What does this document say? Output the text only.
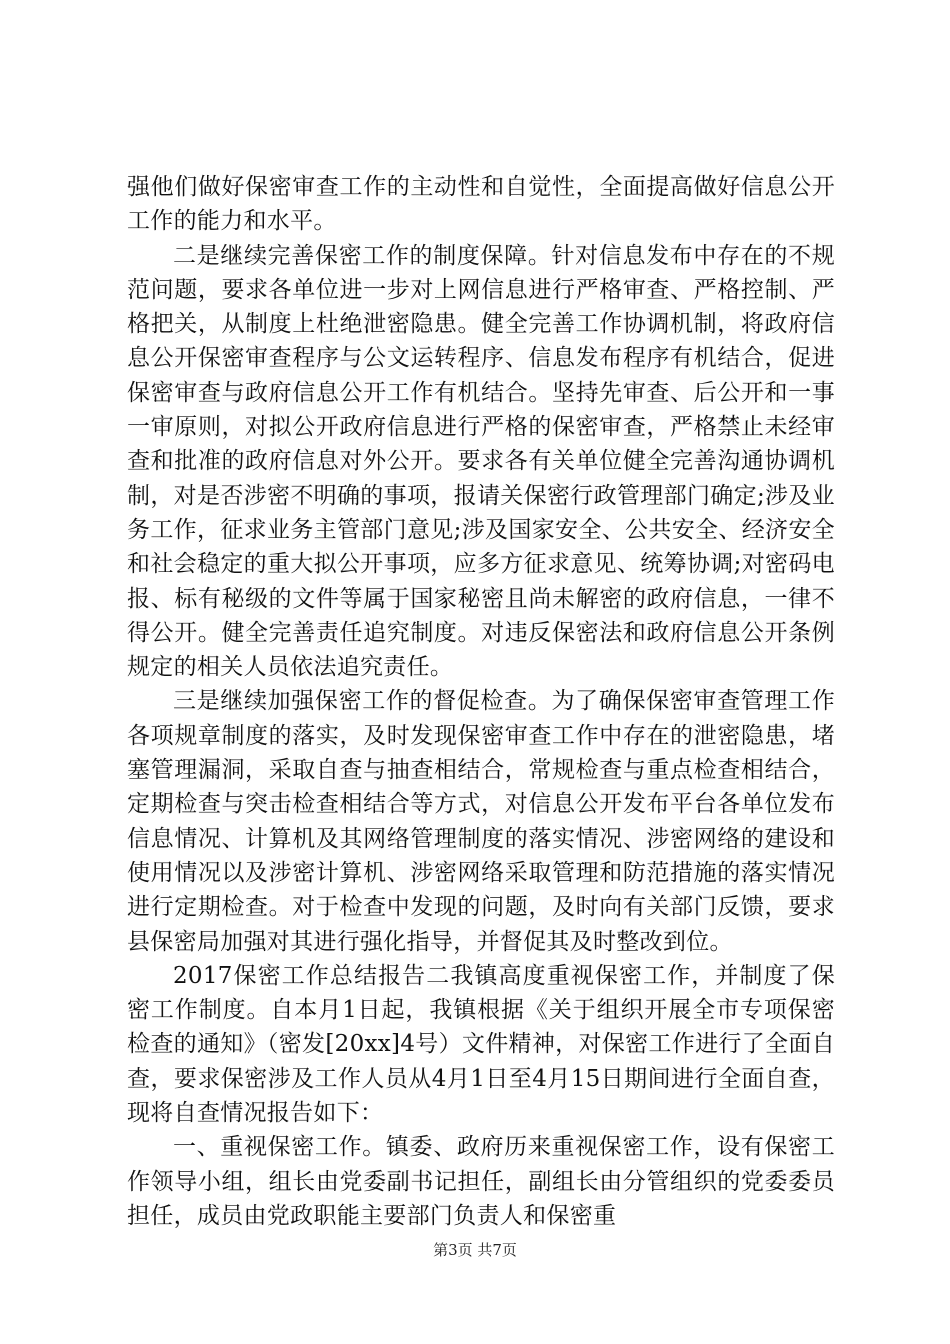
强他们做好保密审查工作的主动性和自觉性，全面提高做好信息公开工作的能力和水平。

二是继续完善保密工作的制度保障。针对信息发布中存在的不规范问题，要求各单位进一步对上网信息进行严格审查、严格控制、严格把关，从制度上杜绝泄密隐患。健全完善工作协调机制，将政府信息公开保密审查程序与公文运转程序、信息发布程序有机结合，促进保密审查与政府信息公开工作有机结合。坚持先审查、后公开和一事一审原则，对拟公开政府信息进行严格的保密审查，严格禁止未经审查和批准的政府信息对外公开。要求各有关单位健全完善沟通协调机制，对是否涉密不明确的事项，报请关保密行政管理部门确定;涉及业务工作，征求业务主管部门意见;涉及国家安全、公共安全、经济安全和社会稳定的重大拟公开事项，应多方征求意见、统筹协调;对密码电报、标有秘级的文件等属于国家秘密且尚未解密的政府信息，一律不得公开。健全完善责任追究制度。对违反保密法和政府信息公开条例规定的相关人员依法追究责任。

三是继续加强保密工作的督促检查。为了确保保密审查管理工作各项规章制度的落实，及时发现保密审查工作中存在的泄密隐患，堵塞管理漏洞，采取自查与抽查相结合，常规检查与重点检查相结合，定期检查与突击检查相结合等方式，对信息公开发布平台各单位发布信息情况、计算机及其网络管理制度的落实情况、涉密网络的建设和使用情况以及涉密计算机、涉密网络采取管理和防范措施的落实情况进行定期检查。对于检查中发现的问题，及时向有关部门反馈，要求县保密局加强对其进行强化指导，并督促其及时整改到位。

2017保密工作总结报告二我镇高度重视保密工作，并制度了保密工作制度。自本月1日起，我镇根据《关于组织开展全市专项保密检查的通知》（密发[20xx]4号）文件精神，对保密工作进行了全面自查，要求保密涉及工作人员从4月1日至4月15日期间进行全面自查，现将自查情况报告如下：

一、重视保密工作。镇委、政府历来重视保密工作，设有保密工作领导小组，组长由党委副书记担任，副组长由分管组织的党委委员担任，成员由党政职能主要部门负责人和保密重

第3页 共7页
